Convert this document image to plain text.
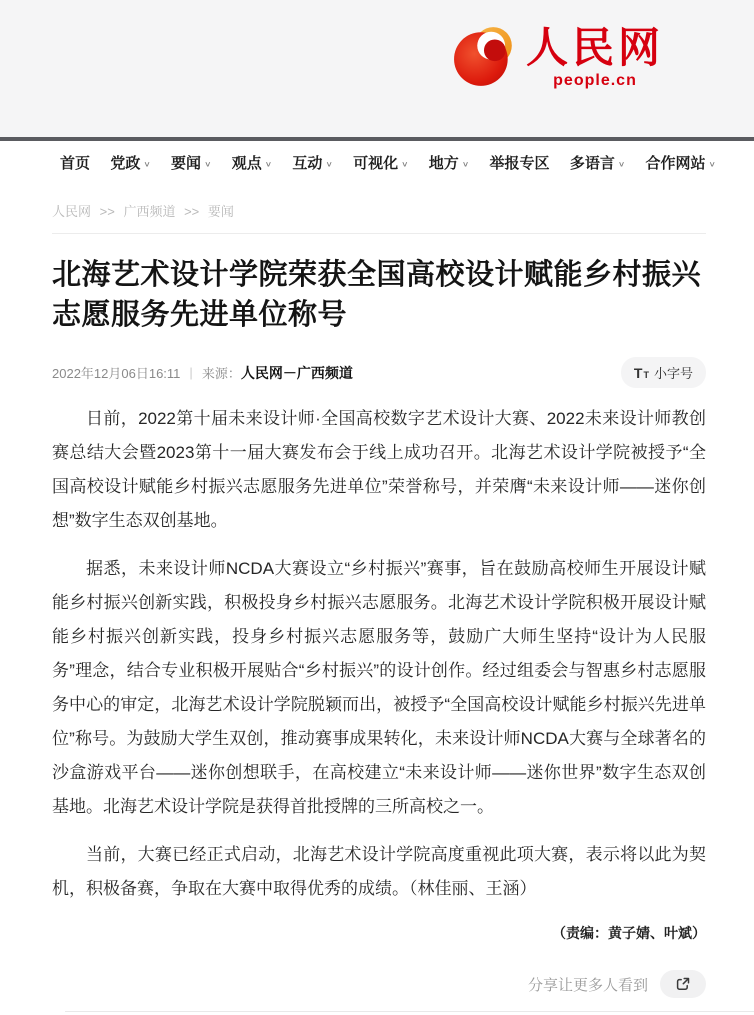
人民网
people.cn
首页 党政 ∨ 要闻 ∨ 观点 ∨ 互动 ∨ 可视化 ∨ 地方 ∨ 举报专区 多语言 ∨ 合作网站 ∨
人民网 >> 广西频道 >> 要闻
北海艺术设计学院荣获全国高校设计赋能乡村振兴志愿服务先进单位称号
2022年12月06日16:11 | 来源： 人民网－广西频道	T T 小字号

日前，2022第十届未来设计师·全国高校数字艺术设计大赛、2022未来设计师教创赛总结大会暨2023第十一届大赛发布会于线上成功召开。北海艺术设计学院被授予“全国高校设计赋能乡村振兴志愿服务先进单位”荣誉称号，并荣膺“未来设计师——迷你创想”数字生态双创基地。

据悉，未来设计师NCDA大赛设立“乡村振兴”赛事，旨在鼓励高校师生开展设计赋能乡村振兴创新实践，积极投身乡村振兴志愿服务。北海艺术设计学院积极开展设计赋能乡村振兴创新实践，投身乡村振兴志愿服务等，鼓励广大师生坚持“设计为人民服务”理念，结合专业积极开展贴合“乡村振兴”的设计创作。经过组委会与智惠乡村志愿服务中心的审定，北海艺术设计学院脱颖而出，被授予“全国高校设计赋能乡村振兴先进单位”称号。为鼓励大学生双创，推动赛事成果转化，未来设计师NCDA大赛与全球著名的沙盒游戏平台——迷你创想联手，在高校建立“未来设计师——迷你世界”数字生态双创基地。北海艺术设计学院是获得首批授牌的三所高校之一。

当前，大赛已经正式启动，北海艺术设计学院高度重视此项大赛，表示将以此为契机，积极备赛，争取在大赛中取得优秀的成绩。（林佳丽、王涵）

（责编：黄子婧、叶斌）
分享让更多人看到
